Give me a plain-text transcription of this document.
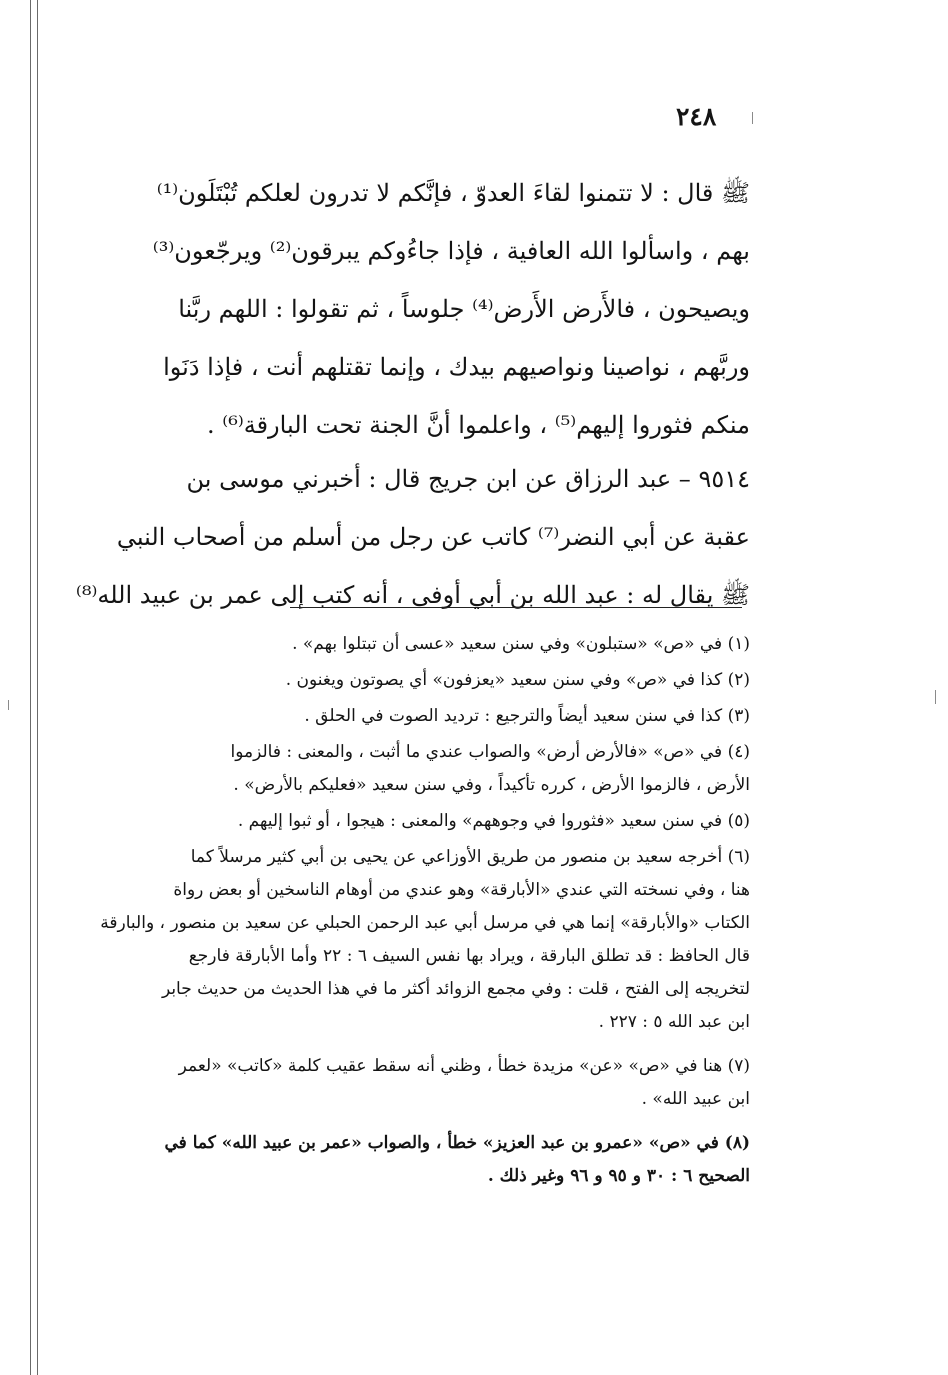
٢٤٨

ﷺ قال : لا تتمنوا لقاءَ العدوّ ، فإنَّكم لا تدرون لعلكم تُبْتَلَون⁽¹⁾

بهم ، واسألوا الله العافية ، فإذا جاءُوكم يبرقون⁽²⁾ ويرجّعون⁽³⁾

ويصيحون ، فالأَرض الأَرض⁽⁴⁾ جلوساً ، ثم تقولوا : اللهم ربَّنا

وربَّهم ، نواصينا ونواصيهم بيدك ، وإنما تقتلهم أنت ، فإذا دَنَوا

منكم فثوروا إليهم⁽⁵⁾ ، واعلموا أنَّ الجنة تحت البارقة⁽⁶⁾ .

٩٥١٤ – عبد الرزاق عن ابن جريج قال : أخبرني موسى بن

عقبة عن أبي النضر⁽⁷⁾ كاتب عن رجل من أسلم من أصحاب النبي

ﷺ يقال له : عبد الله بن أبي أوفى ، أنه كتب إلى عمر بن عبيد الله⁽⁸⁾

(١) في «ص» «ستبلون» وفي سنن سعيد «عسى أن تبتلوا بهم» .
(٢) كذا في «ص» وفي سنن سعيد «يعزفون» أي يصوتون ويغنون .
(٣) كذا في سنن سعيد أيضاً والترجيع : ترديد الصوت في الحلق .
(٤) في «ص» «فالأرض أرض» والصواب عندي ما أثبت ، والمعنى : فالزموا
الأرض ، فالزموا الأرض ، كرره تأكيداً ، وفي سنن سعيد «فعليكم بالأرض» .
(٥) في سنن سعيد «فثوروا في وجوههم» والمعنى : هيجوا ، أو ثبوا إليهم .
(٦) أخرجه سعيد بن منصور من طريق الأوزاعي عن يحيى بن أبي كثير مرسلاً كما
هنا ، وفي نسخته التي عندي «الأبارقة» وهو عندي من أوهام الناسخين أو بعض رواة
الكتاب «والأبارقة» إنما هي في مرسل أبي عبد الرحمن الحبلي عن سعيد بن منصور ، والبارقة
قال الحافظ : قد تطلق البارقة ، ويراد بها نفس السيف ٦ : ٢٢ وأما الأبارقة فارجع
لتخريجه إلى الفتح ، قلت : وفي مجمع الزوائد أكثر ما في هذا الحديث من حديث جابر
ابن عبد الله ٥ : ٢٢٧ .
(٧) هنا في «ص» «عن» مزيدة خطأ ، وظني أنه سقط عقيب كلمة «كاتب» «لعمر
ابن عبيد الله» .
(٨) في «ص» «عمرو بن عبد العزيز» خطأ ، والصواب «عمر بن عبيد الله» كما في
الصحيح ٦ : ٣٠ و ٩٥ و ٩٦ وغير ذلك .
